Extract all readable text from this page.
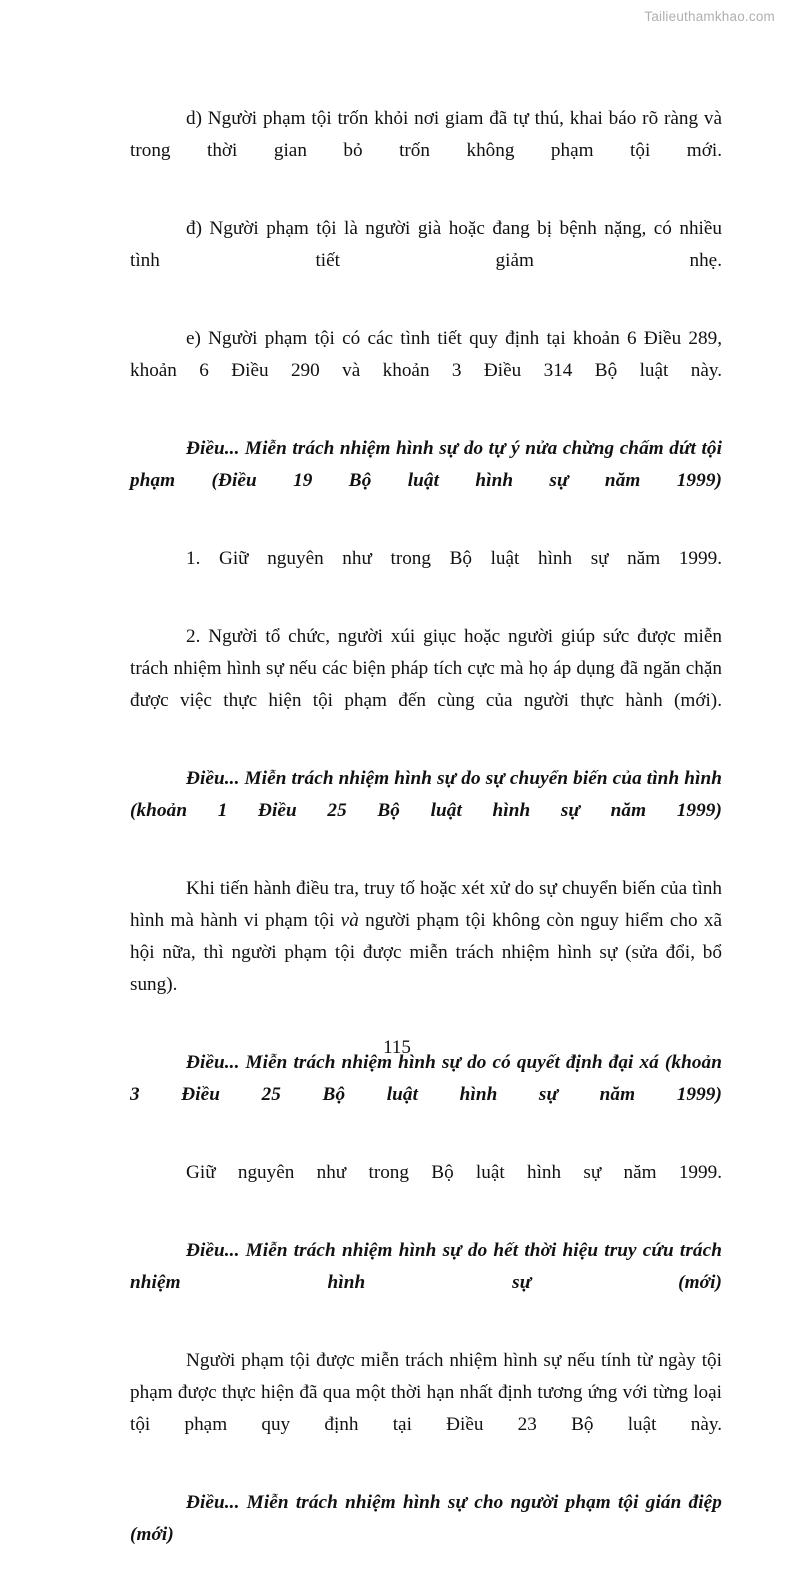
Tailieuthamkhao.com

d) Người phạm tội trốn khỏi nơi giam đã tự thú, khai báo rõ ràng và trong thời gian bỏ trốn không phạm tội mới.

đ) Người phạm tội là người già hoặc đang bị bệnh nặng, có nhiều tình tiết giảm nhẹ.

e) Người phạm tội có các tình tiết quy định tại khoản 6 Điều 289, khoản 6 Điều 290 và khoản 3 Điều 314 Bộ luật này.

Điều... Miễn trách nhiệm hình sự do tự ý nửa chừng chấm dứt tội phạm (Điều 19 Bộ luật hình sự năm 1999)

1. Giữ nguyên như trong Bộ luật hình sự năm 1999.

2. Người tổ chức, người xúi giục hoặc người giúp sức được miễn trách nhiệm hình sự nếu các biện pháp tích cực mà họ áp dụng đã ngăn chặn được việc thực hiện tội phạm đến cùng của người thực hành (mới).

Điều... Miễn trách nhiệm hình sự do sự chuyển biến của tình hình (khoản 1 Điều 25 Bộ luật hình sự năm 1999)

Khi tiến hành điều tra, truy tố hoặc xét xử do sự chuyển biến của tình hình mà hành vi phạm tội và người phạm tội không còn nguy hiểm cho xã hội nữa, thì người phạm tội được miễn trách nhiệm hình sự (sửa đổi, bổ sung).

Điều... Miễn trách nhiệm hình sự do có quyết định đại xá (khoản 3 Điều 25 Bộ luật hình sự năm 1999)

Giữ nguyên như trong Bộ luật hình sự năm 1999.

Điều... Miễn trách nhiệm hình sự do hết thời hiệu truy cứu trách nhiệm hình sự (mới)

Người phạm tội được miễn trách nhiệm hình sự nếu tính từ ngày tội phạm được thực hiện đã qua một thời hạn nhất định tương ứng với từng loại tội phạm quy định tại Điều 23 Bộ luật này.

Điều... Miễn trách nhiệm hình sự cho người phạm tội gián điệp (mới)

115
